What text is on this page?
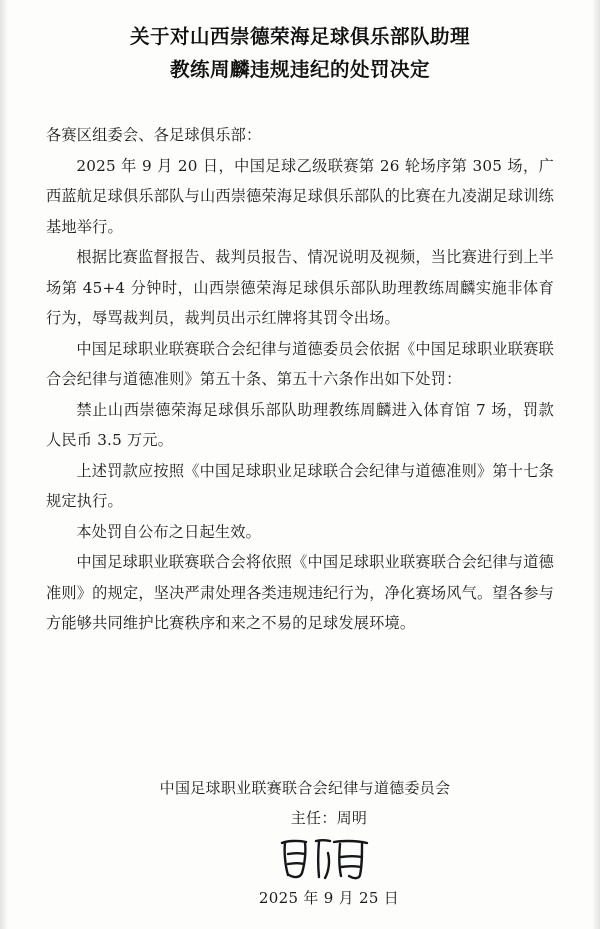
关于对山西崇德荣海足球俱乐部队助理
教练周麟违规违纪的处罚决定

各赛区组委会、各足球俱乐部：

2025 年 9 月 20 日，中国足球乙级联赛第 26 轮场序第 305 场，广西蓝航足球俱乐部队与山西崇德荣海足球俱乐部队的比赛在九凌湖足球训练基地举行。

根据比赛监督报告、裁判员报告、情况说明及视频，当比赛进行到上半场第 45+4 分钟时，山西崇德荣海足球俱乐部队助理教练周麟实施非体育行为，辱骂裁判员，裁判员出示红牌将其罚令出场。

中国足球职业联赛联合会纪律与道德委员会依据《中国足球职业联赛联合会纪律与道德准则》第五十条、第五十六条作出如下处罚：

禁止山西崇德荣海足球俱乐部队助理教练周麟进入体育馆 7 场，罚款人民币 3.5 万元。

上述罚款应按照《中国足球职业足球联合会纪律与道德准则》第十七条规定执行。

本处罚自公布之日起生效。

中国足球职业联赛联合会将依照《中国足球职业联赛联合会纪律与道德准则》的规定，坚决严肃处理各类违规违纪行为，净化赛场风气。望各参与方能够共同维护比赛秩序和来之不易的足球发展环境。

中国足球职业联赛联合会纪律与道德委员会
主任：周明
2025 年 9 月 25 日
